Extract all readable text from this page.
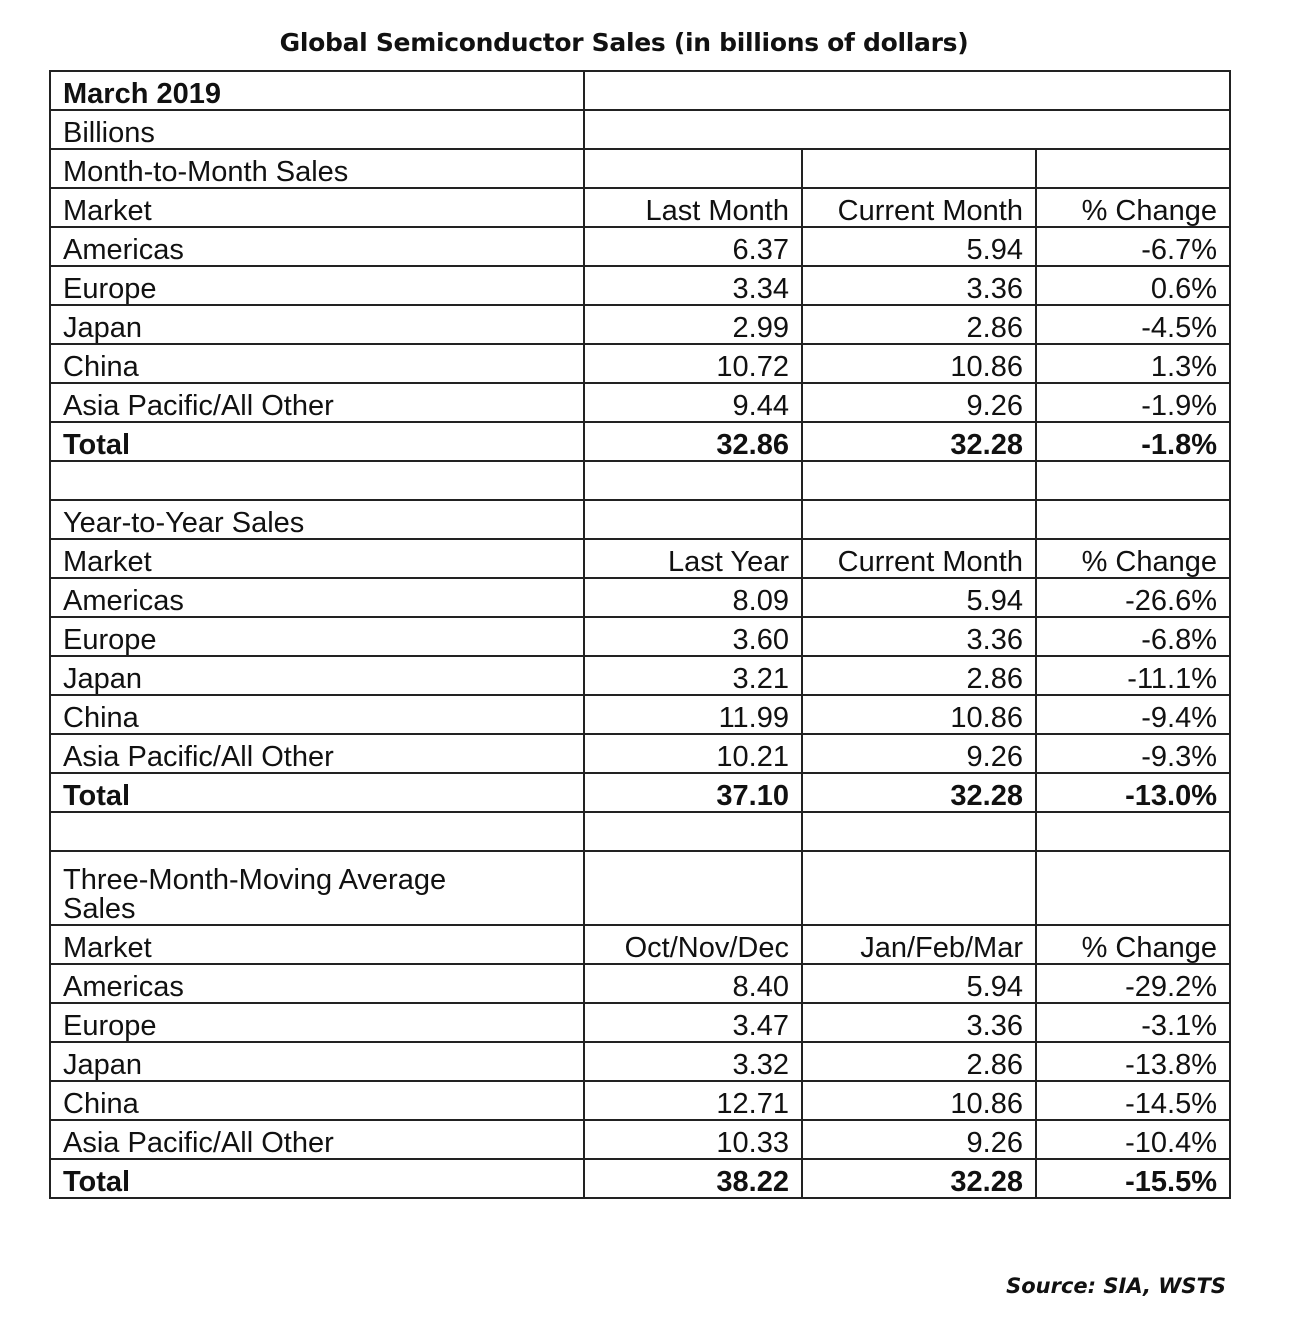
Global Semiconductor Sales (in billions of dollars)
March 2019			
Billions			
Month-to-Month Sales			
Market	Last Month	Current Month	% Change
Americas	6.37	5.94	-6.7%
Europe	3.34	3.36	0.6%
Japan	2.99	2.86	-4.5%
China	10.72	10.86	1.3%
Asia Pacific/All Other	9.44	9.26	-1.9%
Total	32.86	32.28	-1.8%

Year-to-Year Sales			
Market	Last Year	Current Month	% Change
Americas	8.09	5.94	-26.6%
Europe	3.60	3.36	-6.8%
Japan	3.21	2.86	-11.1%
China	11.99	10.86	-9.4%
Asia Pacific/All Other	10.21	9.26	-9.3%
Total	37.10	32.28	-13.0%

Three-Month-Moving Average Sales			
Market	Oct/Nov/Dec	Jan/Feb/Mar	% Change
Americas	8.40	5.94	-29.2%
Europe	3.47	3.36	-3.1%
Japan	3.32	2.86	-13.8%
China	12.71	10.86	-14.5%
Asia Pacific/All Other	10.33	9.26	-10.4%
Total	38.22	32.28	-15.5%
Source: SIA, WSTS
